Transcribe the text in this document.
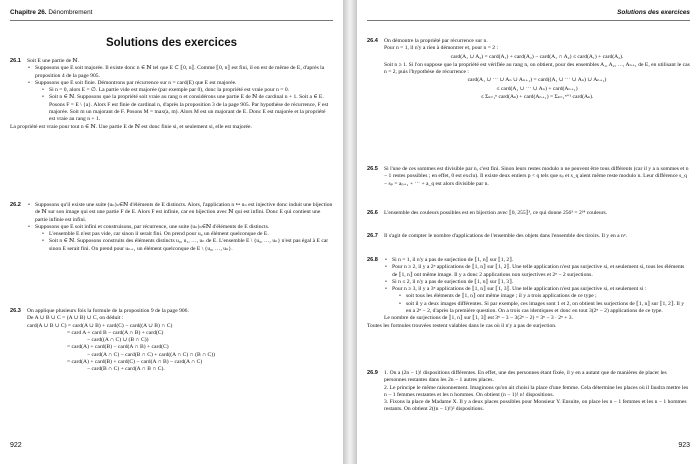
Chapitre 26. Dénombrement
Solutions des exercices
26.1 Soit E une partie de ℕ.

• Supposons que E soit majorée. Il existe donc n ∈ ℕ tel que E ⊂ ⟦0, n⟧. Comme ⟦0, n⟧ est fini, il en est de même de E, d'après la proposition 4 de la page 905.
• Supposons que E soit finie. Démontrons par récurrence sur n = card(E) que E est majorée.
• Si n = 0, alors E = ∅. La partie vide est majorée (par exemple par 0), donc la propriété est vraie pour n = 0.
• Soit n ∈ ℕ. Supposons que la propriété soit vraie au rang n et considérons une partie E de ℕ de cardinal n + 1. Soit a ∈ E. Posons F = E \ {a}. Alors F est finie de cardinal n, d'après la proposition 3 de la page 905. Par hypothèse de récurrence, F est majorée. Soit m un majorant de F. Posons M = max(a, m). Alors M est un majorant de E. Donc E est majorée et la propriété est vraie au rang n + 1.

La propriété est vraie pour tout n ∈ ℕ. Une partie E de ℕ est donc finie si, et seulement si, elle est majorée.

26.2	• Supposons qu'il existe une suite (uₙ)ₙ∈ℕ d'éléments de E distincts. Alors, l'application n ↦ uₙ est injective donc induit une bijection de ℕ sur son image qui est une partie F de E. Alors F est infinie, car en bijection avec ℕ qui est infini. Donc E qui contient une partie infinie est infini.
• Supposons que E soit infini et construisons, par récurrence, une suite (uₙ)ₙ∈ℕ d'éléments de E distincts.
• L'ensemble E n'est pas vide, car sinon il serait fini. On prend pour u₀ un élément quelconque de E.
• Soit n ∈ ℕ. Supposons construits des éléments distincts u₀, u₁, …, uₙ de E. L'ensemble E \ {u₀, …, uₙ} n'est pas égal à E car sinon E serait fini. On prend pour uₙ₊₁ un élément quelconque de E \ {u₀, …, uₙ}.
26.3 On applique plusieurs fois la formule de la proposition 9 de la page 906.

De A ∪ B ∪ C = (A ∪ B) ∪ C, on déduit :

card(A ∪ B ∪ C) = card(A ∪ B) + card(C) − card((A ∪ B) ∩ C)

= card A + card B − card(A ∩ B) + card(C)

− card((A ∩ C) ∪ (B ∩ C))

= card(A) + card(B) − card(A ∩ B) + card(C)

− card(A ∩ C) − card(B ∩ C) + card((A ∩ C) ∩ (B ∩ C))

= card(A) + card(B) + card(C) − card(A ∩ B) − card(A ∩ C)

− card(B ∩ C) + card(A ∩ B ∩ C).

922
Solutions des exercices
26.4 On démontre la propriété par récurrence sur n.

Pour n = 1, il n'y a rien à démontrer et, pour n = 2 :

card(A₁ ∪ A₂) = card(A₁) + card(A₂) − card(A₁ ∩ A₂) ≤ card(A₁) + card(A₂).

Soit n ≥ 1. Si l'on suppose que la propriété est vérifiée au rang n, on obtient, pour des ensembles A₁, A₂, …, Aₙ₊₁ de E, en utilisant le cas n = 2, puis l'hypothèse de récurrence :

card(A₁ ∪ ⋯ ∪ Aₙ ∪ Aₙ₊₁) = card((A₁ ∪ ⋯ ∪ Aₙ) ∪ Aₙ₊₁)

≤ card(A₁ ∪ ⋯ ∪ Aₙ) + card(Aₙ₊₁)

≤ Σₖ₌₁ⁿ card(Aₖ) + card(Aₙ₊₁) = Σₖ₌₁ⁿ⁺¹ card(Aₖ).

26.5 Si l'une de ces sommes est divisible par n, c'est fini. Sinon leurs restes modulo n ne peuvent être tous différents (car il y a n sommes et n − 1 restes possibles ; en effet, 0 est exclu). Il existe deux entiers p < q tels que sₚ et s_q aient même reste modulo n. Leur différence s_q − sₚ = aₚ₊₁ + ⋯ + a_q est alors divisible par n.

26.6 L'ensemble des couleurs possibles est en bijection avec ⟦0, 255⟧³, ce qui donne 256³ = 2²⁴ couleurs.

26.7 Il s'agit de compter le nombre d'applications de l'ensemble des objets dans l'ensemble des tiroirs. Il y en a nᵖ.

26.8	• Si n = 1, il n'y a pas de surjection de ⟦1, n⟧ sur ⟦1, 2⟧.
• Pour n ≥ 2, il y a 2ⁿ applications de ⟦1, n⟧ sur ⟦1, 2⟧. Une telle application n'est pas surjective si, et seulement si, tous les éléments de ⟦1, n⟧ ont même image. Il y a donc 2 applications non surjectives et 2ⁿ − 2 surjections.
• Si n ≤ 2, il n'y a pas de surjection de ⟦1, n⟧ sur ⟦1, 3⟧.
• Pour n ≥ 3, il y a 3ⁿ applications de ⟦1, n⟧ sur ⟦1, 3⟧. Une telle application n'est pas surjective si, et seulement si :
• soit tous les éléments de ⟦1, n⟧ ont même image ; il y a trois applications de ce type ;
• soit il y a deux images différentes. Si par exemple, ces images sont 1 et 2, on obtient les surjections de ⟦1, n⟧ sur ⟦1, 2⟧. Il y en a 2ⁿ − 2, d'après la première question. On a trois cas identiques et donc en tout 3(2ⁿ − 2) applications de ce type.

Le nombre de surjections de ⟦1, n⟧ sur ⟦1, 3⟧ est 3ⁿ − 3 − 3(2ⁿ − 2) = 3ⁿ − 3 · 2ⁿ + 3.

Toutes les formules trouvées restent valables dans le cas où il n'y a pas de surjection.

26.9 1. On a (2n − 1)! dispositions différentes. En effet, une des personnes étant fixée, il y en a autant que de manières de placer les personnes restantes dans les 2n − 1 autres places.

2. Le principe le même raisonnement. Imaginons qu'on ait choisi la place d'une femme. Cela détermine les places où il faudra mettre les n − 1 femmes restantes et les n hommes. On obtient (n − 1)! n! dispositions.

3. Fixons la place de Madame X. Il y a deux places possibles pour Monsieur Y. Ensuite, on place les n − 1 femmes et les n − 1 hommes restants. On obtient 2((n − 1)!)² dispositions.

923
